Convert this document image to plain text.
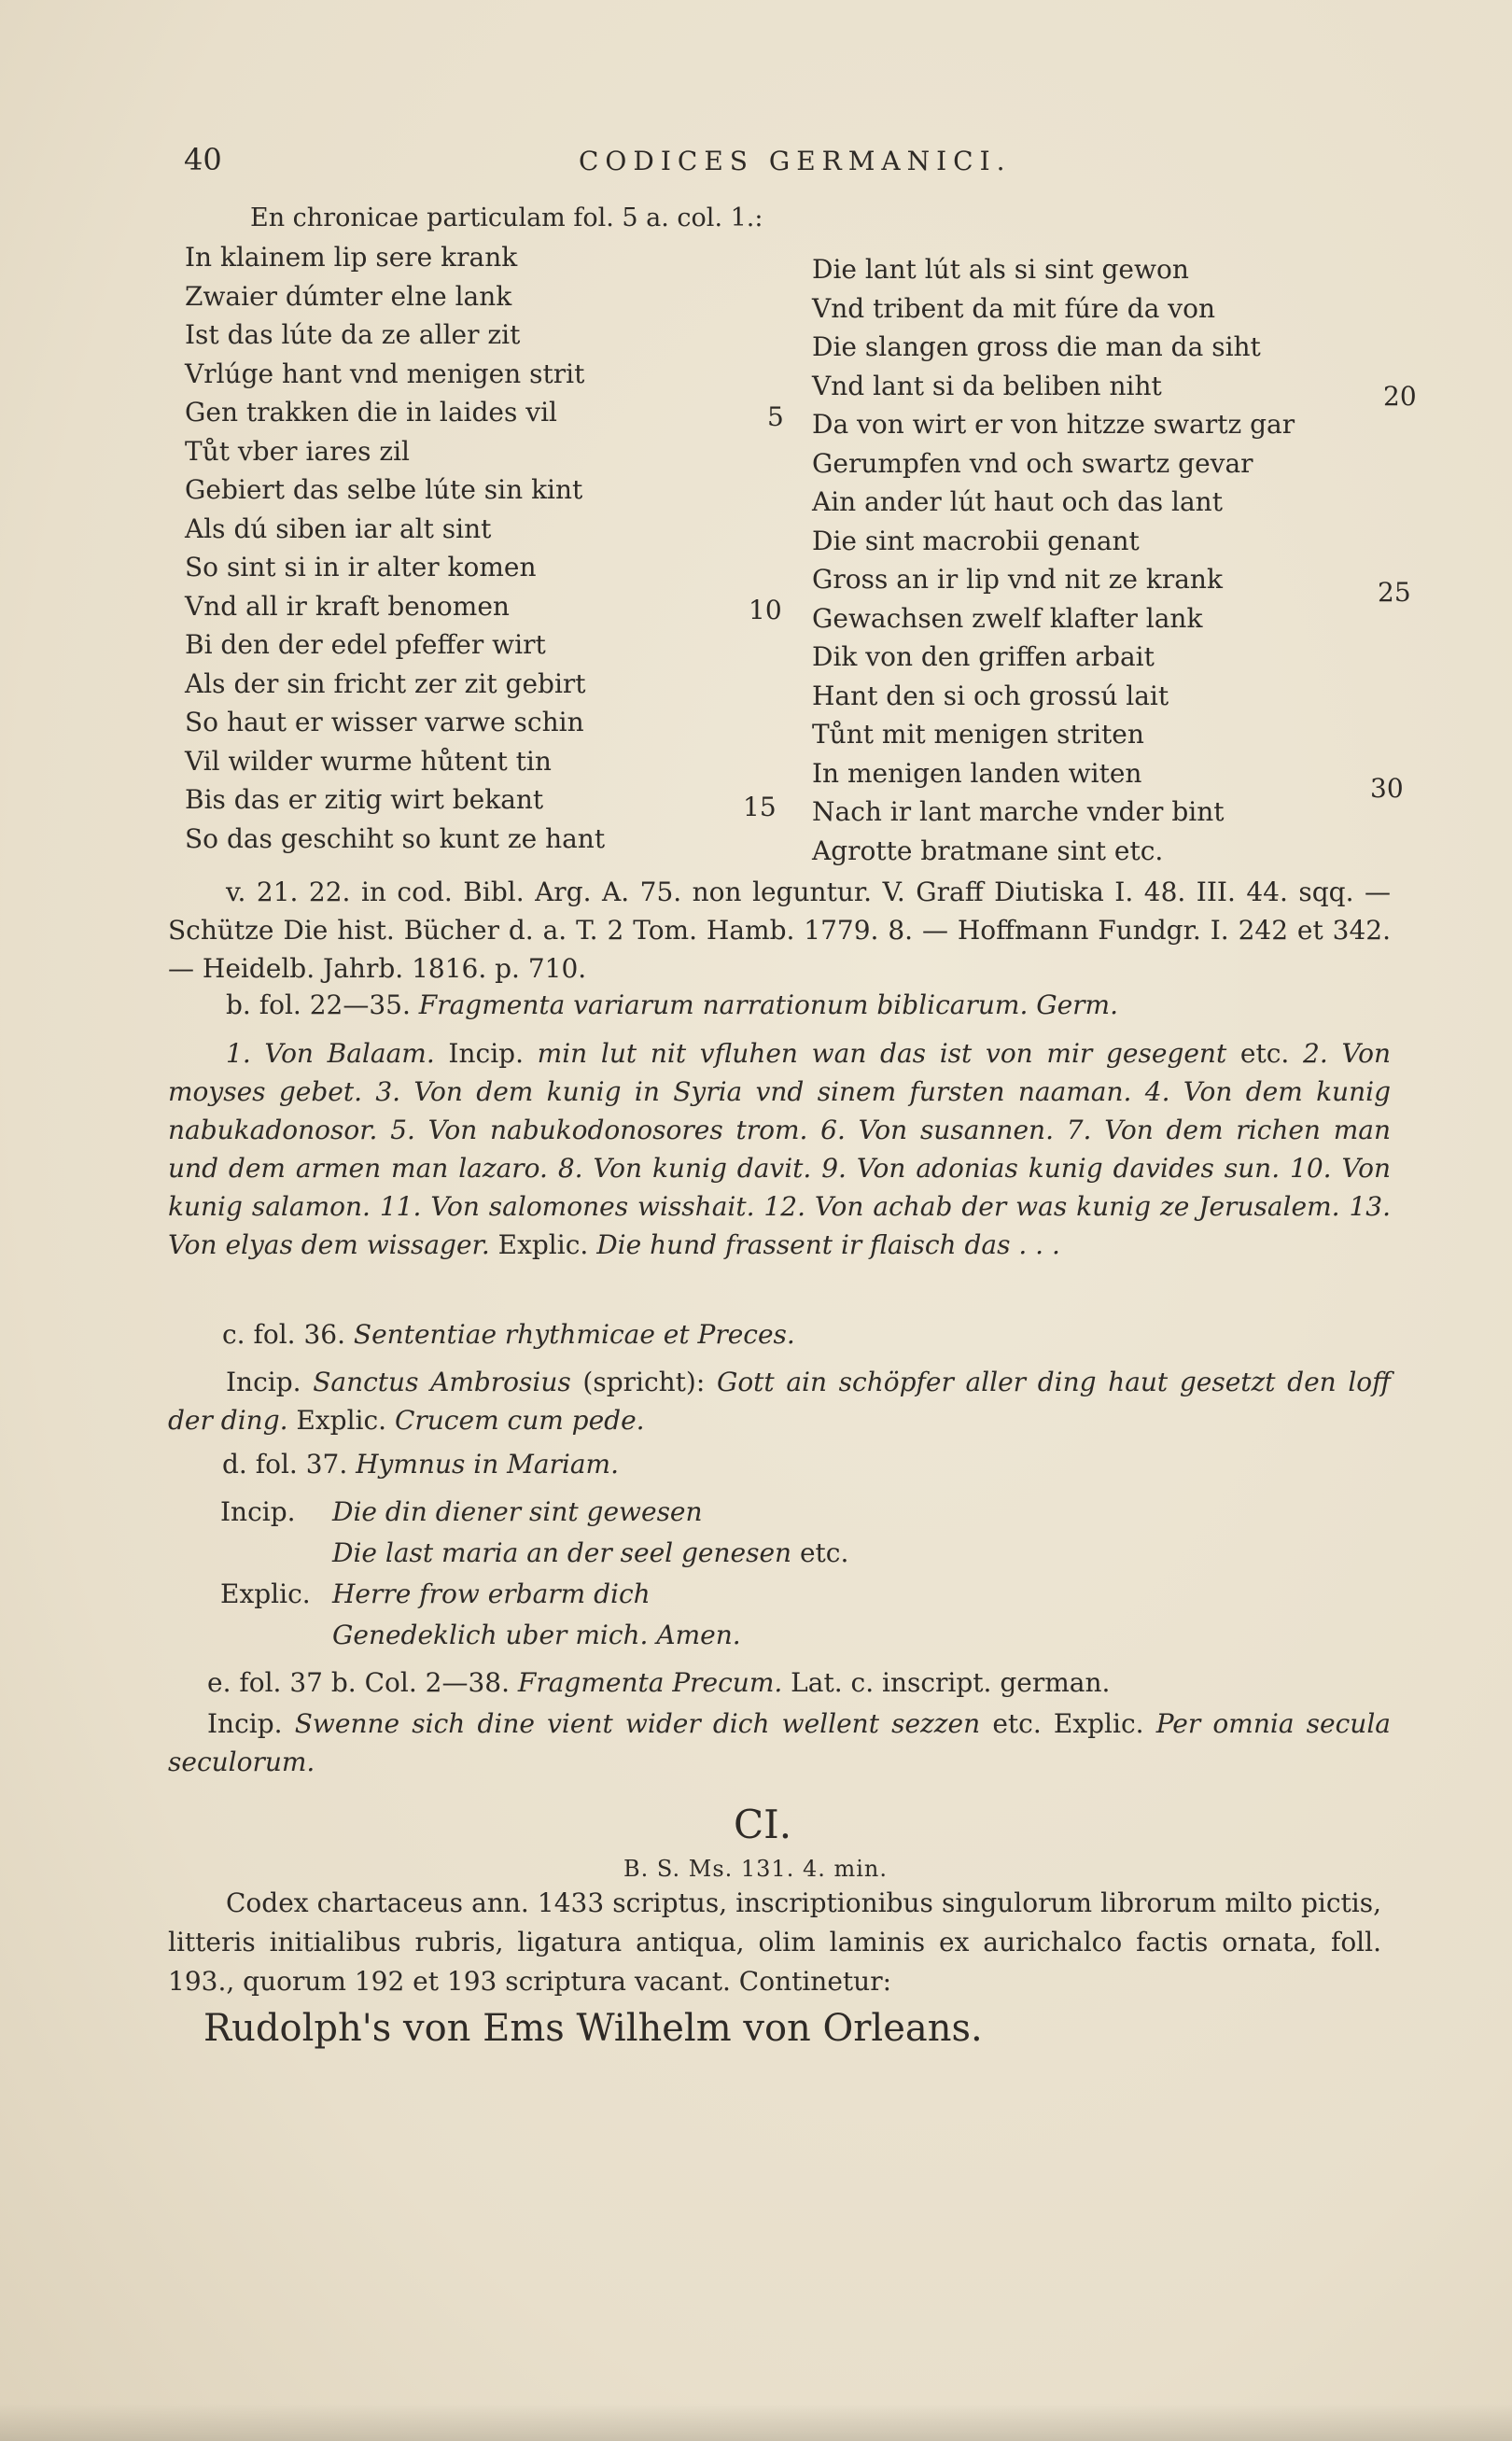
40	CODICES GERMANICI.
En chronicae particulam fol. 5 a. col. 1.:
In klainem lip sere krank
Zwaier dúmter elne lank
Ist das lúte da ze aller zit
Vrlúge hant vnd menigen strit
Gen trakken die in laides vil
Tůt vber iares zil
Gebiert das selbe lúte sin kint
Als dú siben iar alt sint
So sint si in ir alter komen
Vnd all ir kraft benomen
Bi den der edel pfeffer wirt
Als der sin fricht zer zit gebirt
So haut er wisser varwe schin
Vil wilder wurme hůtent tin
Bis das er zitig wirt bekant
So das geschiht so kunt ze hant
5
10
15
Die lant lút als si sint gewon
Vnd tribent da mit fúre da von
Die slangen gross die man da siht
Vnd lant si da beliben niht
Da von wirt er von hitzze swartz gar
Gerumpfen vnd och swartz gevar
Ain ander lút haut och das lant
Die sint macrobii genant
Gross an ir lip vnd nit ze krank
Gewachsen zwelf klafter lank
Dik von den griffen arbait
Hant den si och grossú lait
Tůnt mit menigen striten
In menigen landen witen
Nach ir lant marche vnder bint
Agrotte bratmane sint etc.
20
25
30
v. 21. 22. in cod. Bibl. Arg. A. 75. non leguntur. V. Graff Diutiska I. 48. III. 44. sqq. — Schütze Die hist. Bücher d. a. T. 2 Tom. Hamb. 1779. 8. — Hoffmann Fundgr. I. 242 et 342. — Heidelb. Jahrb. 1816. p. 710.
b. fol. 22—35. Fragmenta variarum narrationum biblicarum. Germ.
1. Von Balaam. Incip. min lut nit vfluhen wan das ist von mir gesegent etc. 2. Von moyses gebet. 3. Von dem kunig in Syria vnd sinem fursten naaman. 4. Von dem kunig nabukadonosor. 5. Von nabukodonosores trom. 6. Von susannen. 7. Von dem richen man und dem armen man lazaro. 8. Von kunig davit. 9. Von adonias kunig davides sun. 10. Von kunig salamon. 11. Von salomones wisshait. 12. Von achab der was kunig ze Jerusalem. 13. Von elyas dem wissager. Explic. Die hund frassent ir flaisch das . . .
c. fol. 36. Sententiae rhythmicae et Preces.
Incip. Sanctus Ambrosius (spricht): Gott ain schöpfer aller ding haut gesetzt den loff der ding. Explic. Crucem cum pede.
d. fol. 37. Hymnus in Mariam.
Incip. Die din diener sint gewesen
Die last maria an der seel genesen etc.
Explic. Herre frow erbarm dich
Genedeklich uber mich. Amen.
e. fol. 37 b. Col. 2—38. Fragmenta Precum. Lat. c. inscript. german.
Incip. Swenne sich dine vient wider dich wellent sezzen etc. Explic. Per omnia secula seculorum.
CI.
B. S. Ms. 131. 4. min.
Codex chartaceus ann. 1433 scriptus, inscriptionibus singulorum librorum milto pictis, litteris initialibus rubris, ligatura antiqua, olim laminis ex aurichalco factis ornata, foll. 193., quorum 192 et 193 scriptura vacant. Continetur:
Rudolph's von Ems Wilhelm von Orleans.
